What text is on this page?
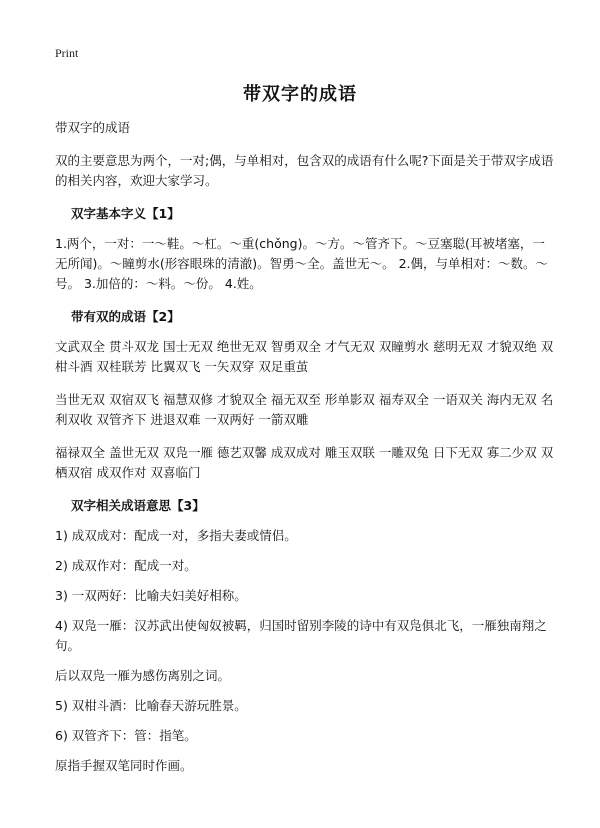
Print
带双字的成语

带双字的成语

双的主要意思为两个，一对;偶，与单相对，包含双的成语有什么呢?下面是关于带双字成语的相关内容，欢迎大家学习。

双字基本字义【1】

1.两个，一对：一～鞋。～杠。～重(chǒng)。～方。～管齐下。～豆塞聪(耳被堵塞，一无所闻)。～瞳剪水(形容眼珠的清澈)。智勇～全。盖世无～。 2.偶，与单相对：～数。～号。 3.加倍的：～料。～份。 4.姓。

带有双的成语【2】

文武双全 贯斗双龙 国士无双 绝世无双 智勇双全 才气无双 双瞳剪水 慈明无双 才貌双绝 双柑斗酒 双桂联芳 比翼双飞 一矢双穿 双足重茧

当世无双 双宿双飞 福慧双修 才貌双全 福无双至 形单影双 福寿双全 一语双关 海内无双 名利双收 双管齐下 进退双难 一双两好 一箭双雕

福禄双全 盖世无双 双凫一雁 德艺双馨 成双成对 雕玉双联 一雕双兔 日下无双 寡二少双 双栖双宿 成双作对 双喜临门

双字相关成语意思【3】

1) 成双成对：配成一对，多指夫妻或情侣。

2) 成双作对：配成一对。

3) 一双两好：比喻夫妇美好相称。

4) 双凫一雁：汉苏武出使匈奴被羁，归国时留别李陵的诗中有双凫俱北飞，一雁独南翔之句。

后以双凫一雁为感伤离别之词。

5) 双柑斗酒：比喻春天游玩胜景。

6) 双管齐下：管：指笔。

原指手握双笔同时作画。
